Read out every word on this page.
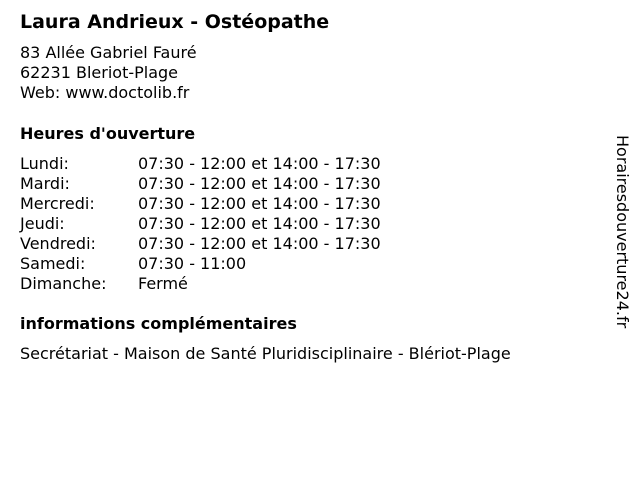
Laura Andrieux - Ostéopathe
83 Allée Gabriel Fauré
62231 Bleriot-Plage
Web: www.doctolib.fr
Heures d'ouverture
Lundi:	07:30 - 12:00 et 14:00 - 17:30
Mardi:	07:30 - 12:00 et 14:00 - 17:30
Mercredi:	07:30 - 12:00 et 14:00 - 17:30
Jeudi:	07:30 - 12:00 et 14:00 - 17:30
Vendredi:	07:30 - 12:00 et 14:00 - 17:30
Samedi:	07:30 - 11:00
Dimanche: Fermé
informations complémentaires
Secrétariat - Maison de Santé Pluridisciplinaire - Blériot-Plage
Horairesdouverture24.fr
